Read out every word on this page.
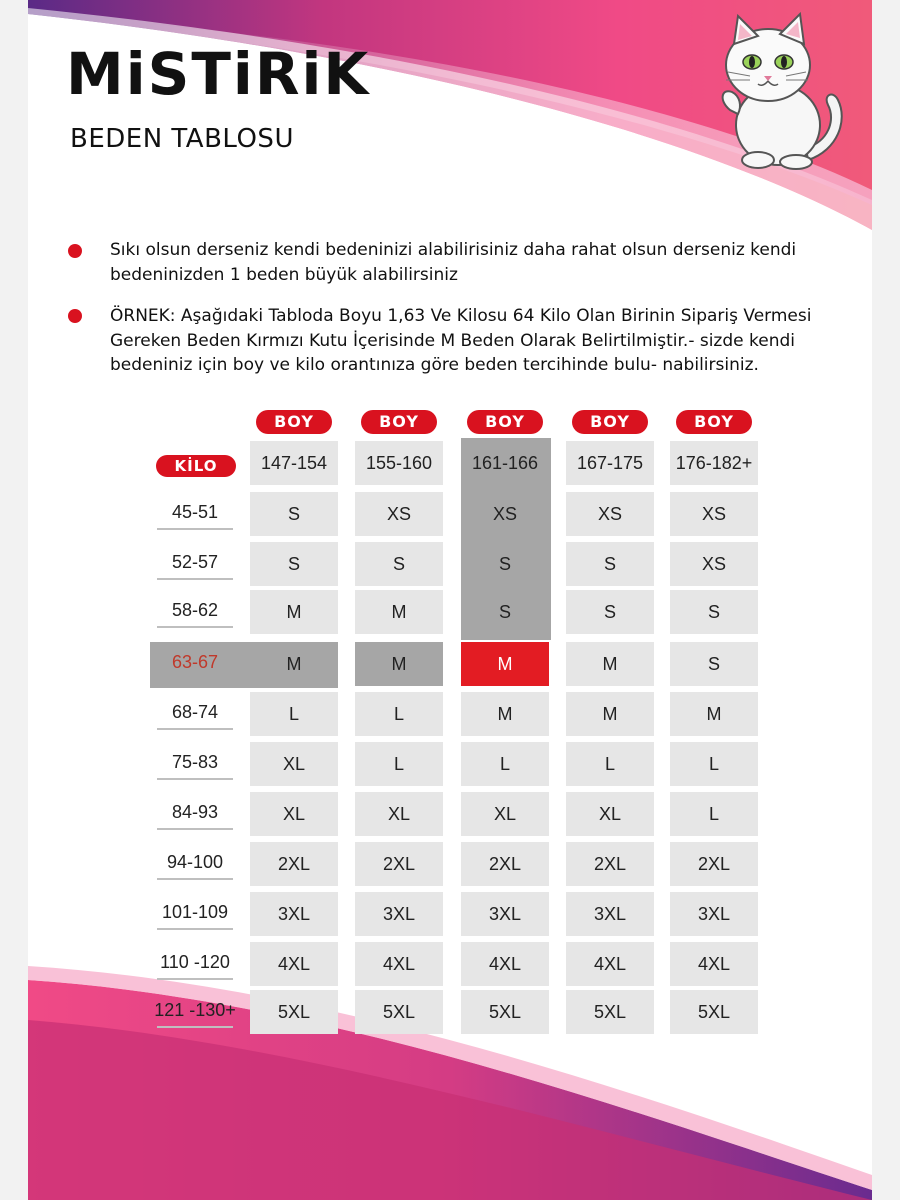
MiSTiRiK
BEDEN TABLOSU
Sıkı olsun derseniz kendi bedeninizi alabilirisiniz daha rahat olsun derseniz kendi bedeninizden 1 beden büyük alabilirsiniz
ÖRNEK: Aşağıdaki Tabloda Boyu 1,63 Ve Kilosu 64 Kilo Olan Birinin Sipariş Vermesi Gereken Beden Kırmızı Kutu İçerisinde M Beden Olarak Belirtilmiştir.- sizde kendi bedeniniz için boy ve kilo orantınıza göre beden tercihinde bulu- nabilirsiniz.
BOY	BOY	BOY	BOY	BOY
KİLO	147-154	155-160	161-166	167-175	176-182+
45-51	S	XS	XS	XS	XS
52-57	S	S	S	S	XS
58-62	M	M	S	S	S
63-67	M	M	M	M	S
68-74	L	L	M	M	M
75-83	XL	L	L	L	L
84-93	XL	XL	XL	XL	L
94-100	2XL	2XL	2XL	2XL	2XL
101-109	3XL	3XL	3XL	3XL	3XL
110 -120	4XL	4XL	4XL	4XL	4XL
121 -130+	5XL	5XL	5XL	5XL	5XL
